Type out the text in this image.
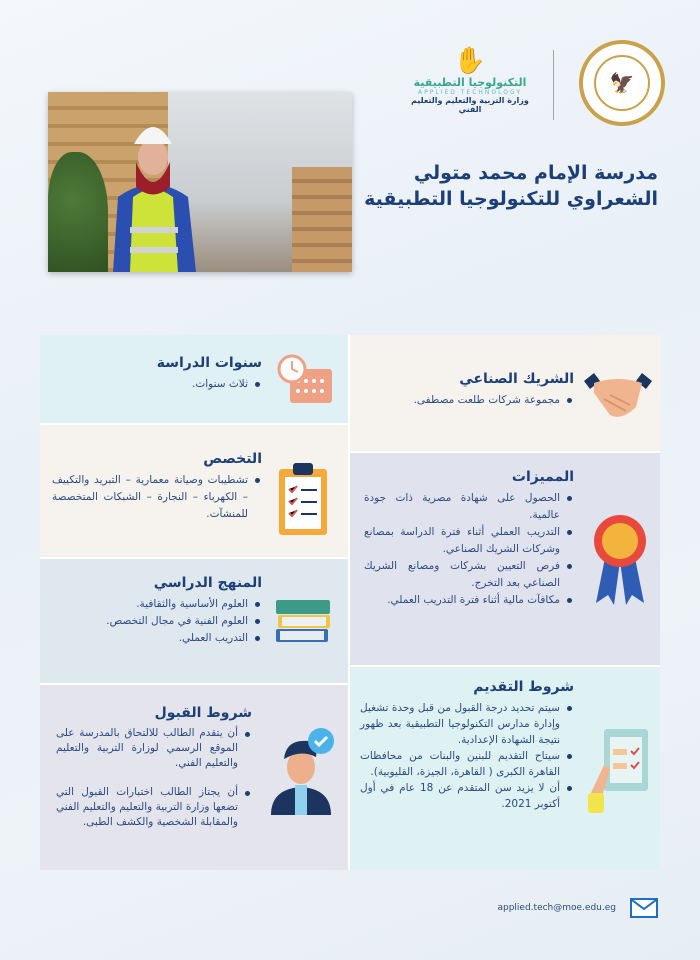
✋
التكنولوجيا التطبيقية
APPLIED TECHNOLOGY
وزارة التربية والتعليم والتعليم الفني
🦅
مدرسة الإمام محمد متولي
الشعراوي للتكنولوجيا التطبيقية
سنوات الدراسة
ثلاث سنوات.
التخصص
تشطيبات وصيانة معمارية – التبريد والتكييف – الكهرباء – النجارة – الشبكات المتخصصة للمنشآت.
المنهج الدراسي
العلوم الأساسية والثقافية.
العلوم الفنية في مجال التخصص.
التدريب العملي.
شروط القبول
أن يتقدم الطالب للالتحاق بالمدرسة على الموقع الرسمي لوزارة التربية والتعليم والتعليم الفني.
أن يجتاز الطالب اختبارات القبول التي تضعها وزارة التربية والتعليم والتعليم الفني والمقابلة الشخصية والكشف الطبى.
الشريك الصناعي
مجموعة شركات طلعت مصطفى.
المميزات
الحصول على شهادة مصرية ذات جودة عالمية.
التدريب العملي أثناء فترة الدراسة بمصانع وشركات الشريك الصناعي.
فرص التعيين بشركات ومصانع الشريك الصناعي بعد التخرج.
مكافآت مالية أثناء فترة التدريب العملي.
شروط التقديم
سيتم تحديد درجة القبول من قبل وحدة تشغيل وإدارة مدارس التكنولوجيا التطبيقية بعد ظهور نتيجة الشهادة الإعدادية.
سيتاح التقديم للبنين والبنات من محافظات القاهرة الكبرى ( القاهرة، الجيزة، القليوبية).
أن لا يزيد سن المتقدم عن 18 عام في أول أكتوبر 2021.
applied.tech@moe.edu.eg
